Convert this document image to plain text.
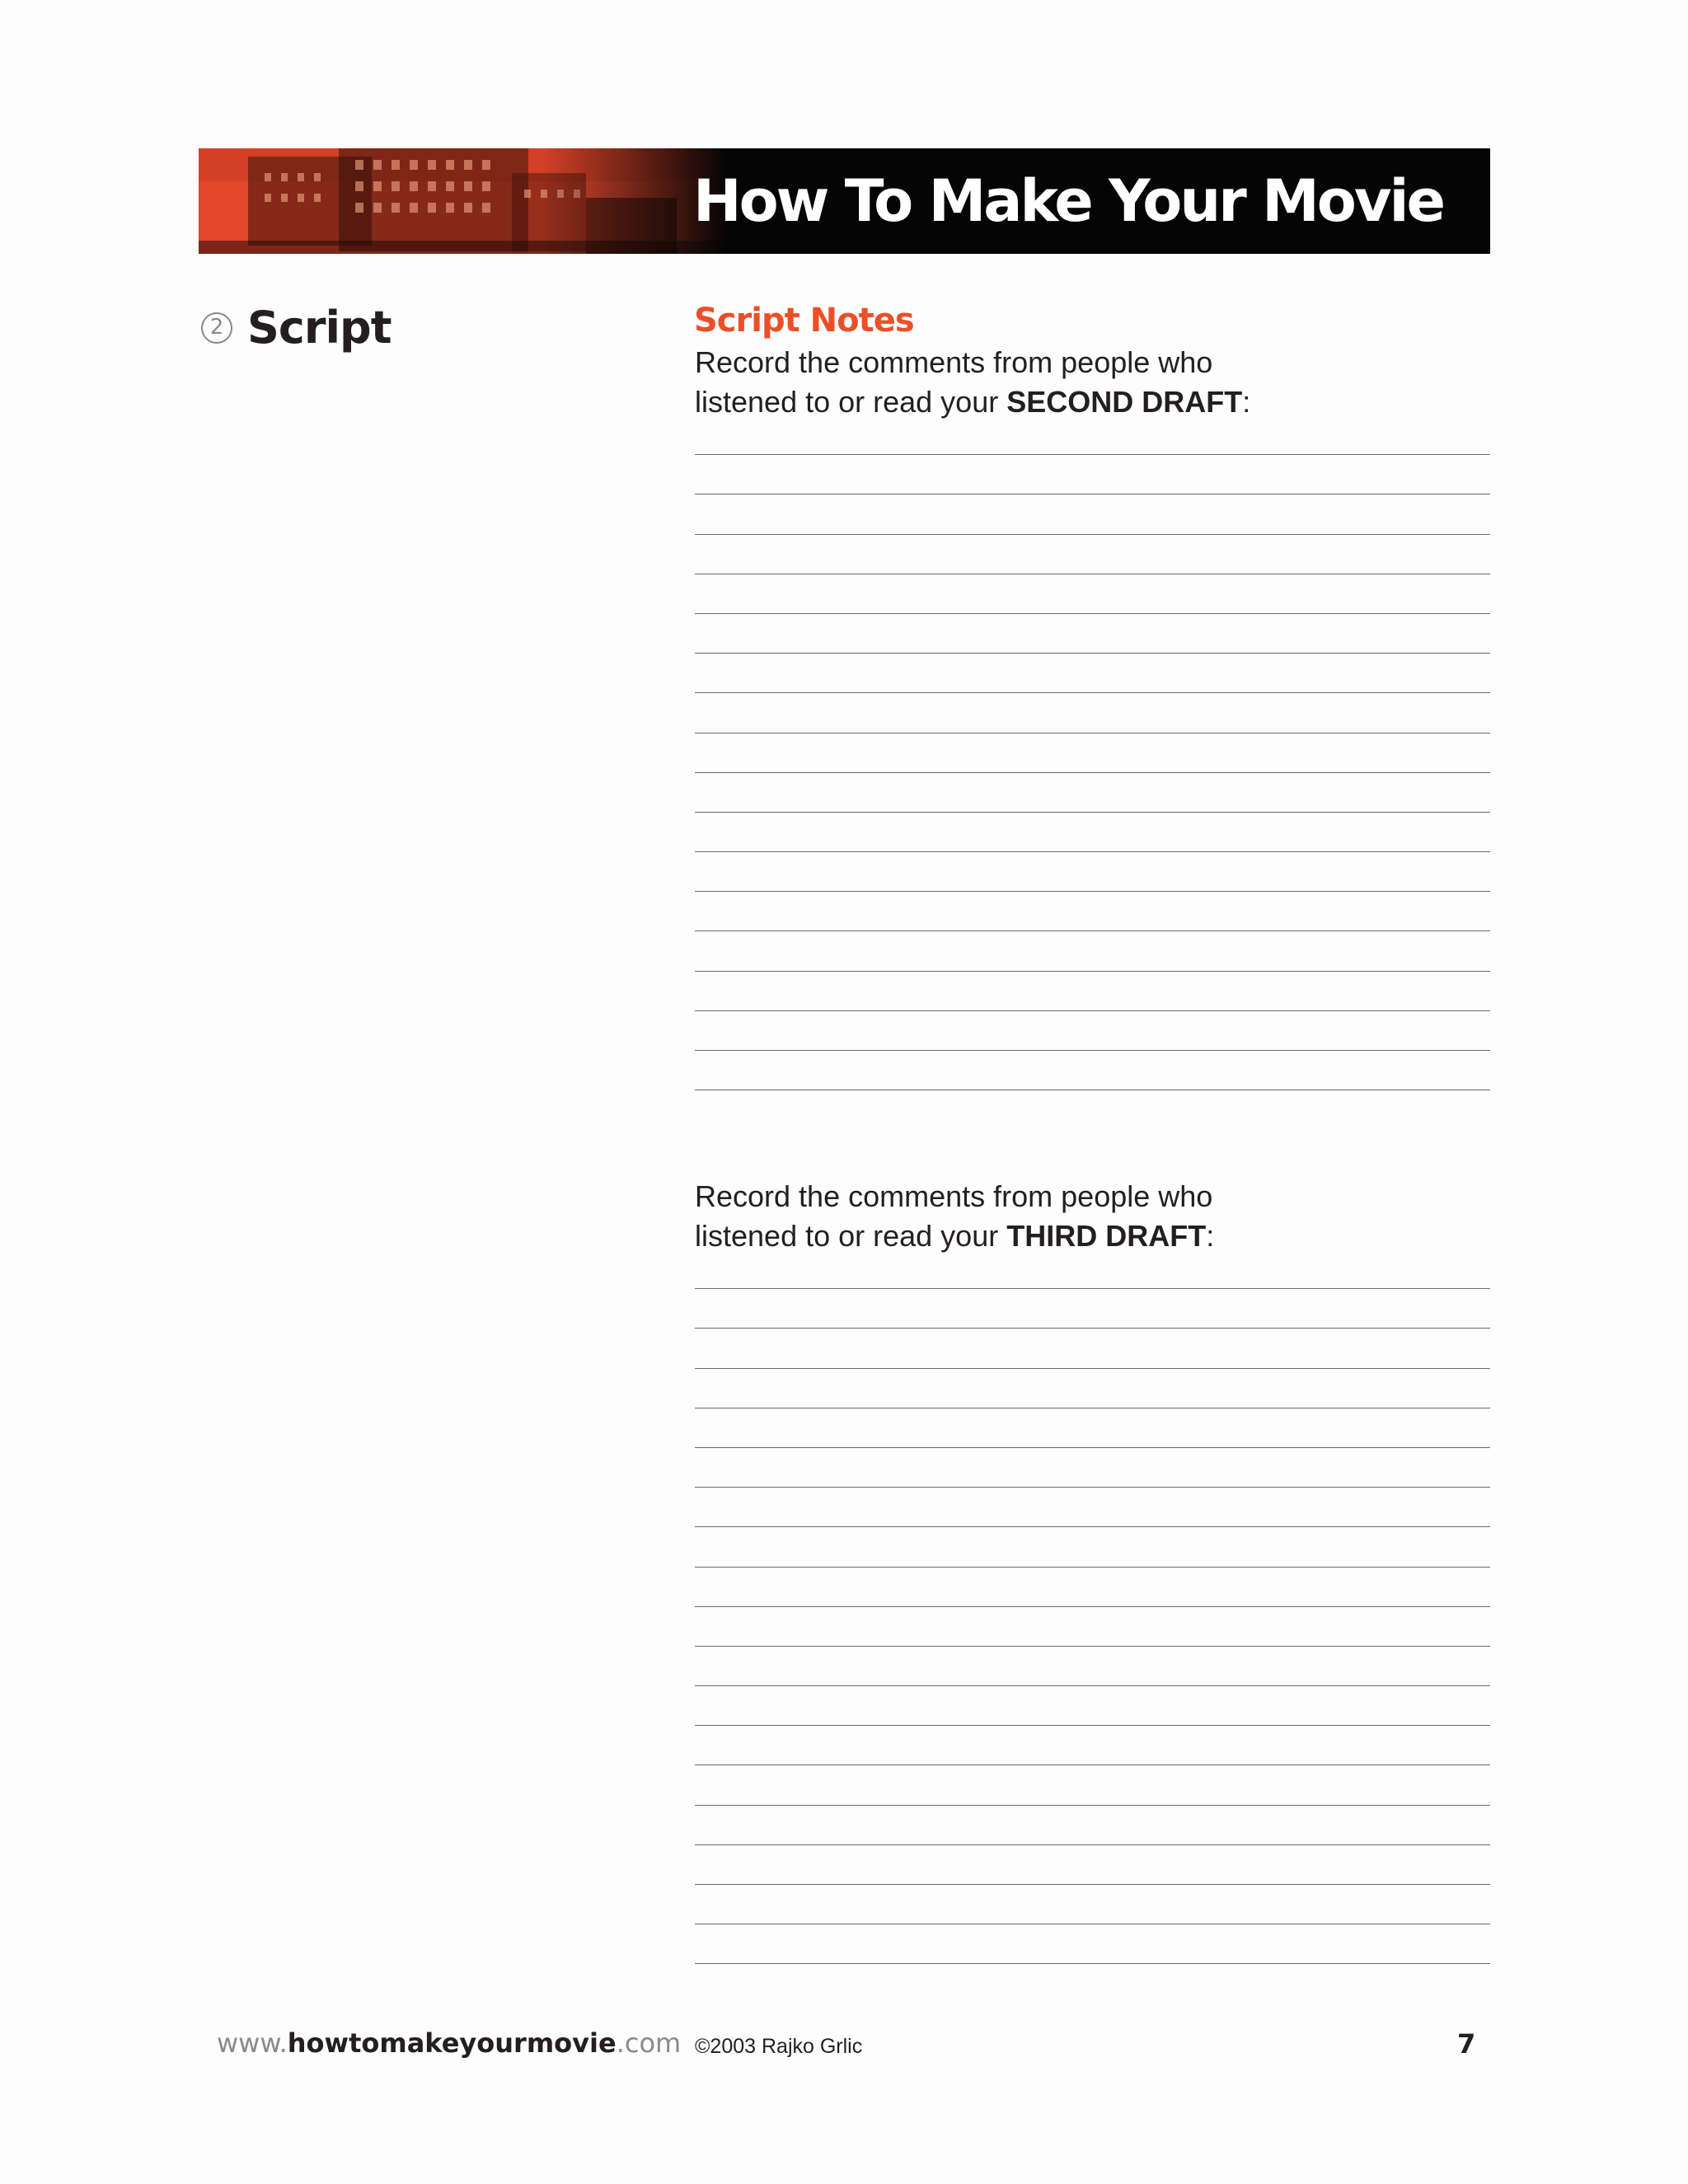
How To Make Your Movie
2 Script	Script Notes
Record the comments from people who
listened to or read your SECOND DRAFT:
Record the comments from people who
listened to or read your THIRD DRAFT:
www.howtomakeyourmovie.com ©2003 Rajko Grlic	7
